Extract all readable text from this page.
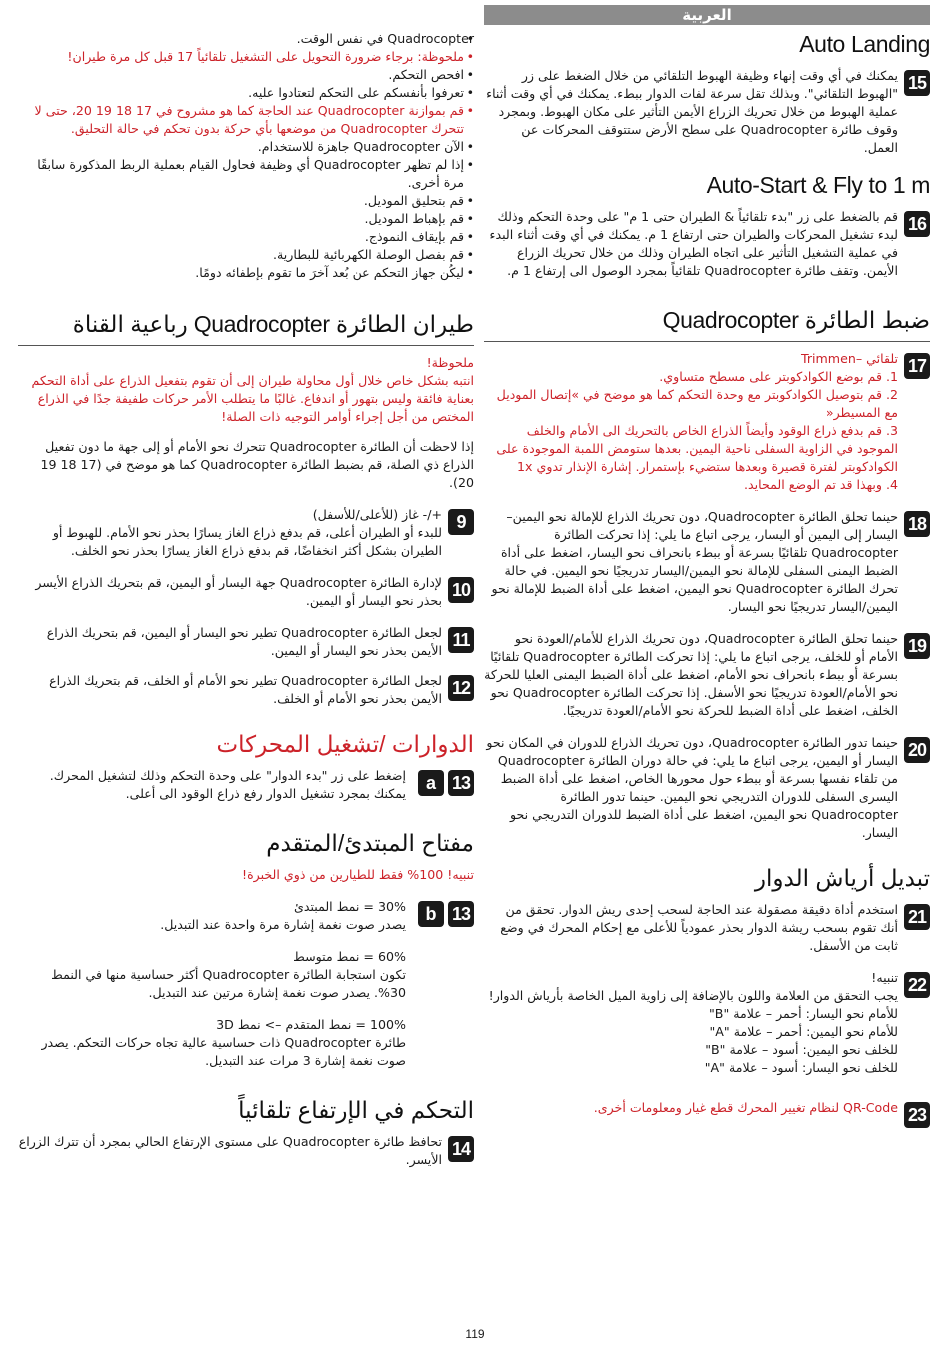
العربية
Auto Landing
15

يمكنك في أي وقت إنهاء وظيفة الهبوط التلقائي من خلال الضغط على زر "الهبوط التلقائي". وبذلك تقل سرعة لفات الدوار ببطء. يمكنك في أي وقت أثناء عملية الهبوط من خلال تحريك الزراع الأيمن التأثير على مكان الهبوط. وبمجرد وقوف طائرة Quadrocopter على سطح الأرض ستتوقف المحركات عن العمل.

Auto-Start & Fly to 1 m
16

قم بالضغط على زر "بدء تلقائياً & الطيران حتى 1 م" على وحدة التحكم وذلك لبدء تشغيل المحركات والطيران حتى ارتفاع 1 م. يمكنك في أي وقت أثناء البدء في عملية التشغيل التأثير على اتجاه الطيران وذلك من خلال تحريك الزراع الأيمن. وتقف طائرة Quadrocopter تلقائياً بمجرد الوصول الى إرتفاع 1 م.

ضبط الطائرة Quadrocopter
17

تلقائي –Trimmen

1. قم بوضع الكوادكوبتر على مسطح متساوي.
2. قم بتوصيل الكوادكوبتر مع وحدة التحكم كما هو موضح في »إتصال الموديل مع المسيطر«
3. قم بدفع ذراع الوقود وأيضاً الذراع الخاص بالتحريك الى الأمام والخلف الموجود في الزاوية السفلى ناحية اليمين. بعدها ستومض اللمبة الموجودة على الكوادكوبتر لفترة قصيرة وبعدها ستضيء بإستمرار. إشارة الإنذار تدوي 1x
4. وبهذا قد تم الوضع المحايد.
18

حينما تحلق الطائرة Quadrocopter، دون تحريك الذراع للإمالة نحو اليمين–اليسار إلى اليمين أو اليسار، يرجى اتباع ما يلي: إذا تحركت الطائرة Quadrocopter تلقائيًا بسرعة أو ببطء بانحراف نحو اليسار، اضغط على أداة الضبط اليمنى السفلى للإمالة نحو اليمين/اليسار تدريجيًا نحو اليمين. في حالة تحرك الطائرة Quadrocopter نحو اليمين، اضغط على أداة الضبط للإمالة نحو اليمين/اليسار تدريجيًا نحو اليسار.

19

حينما تحلق الطائرة Quadrocopter، دون تحريك الذراع للأمام/العودة نحو الأمام أو للخلف، يرجى اتباع ما يلي: إذا تحركت الطائرة Quadrocopter تلقائيًا بسرعة أو ببطء بانحراف نحو الأمام، اضغط على أداة الضبط اليمنى العليا للحركة نحو الأمام/العودة تدريجيًا نحو الأسفل. إذا تحركت الطائرة Quadrocopter نحو الخلف، اضغط على أداة الضبط للحركة نحو الأمام/العودة تدريجيًا.

20

حينما تدور الطائرة Quadrocopter، دون تحريك الذراع للدوران في المكان نحو اليسار أو اليمين، يرجى اتباع ما يلي: في حالة دوران الطائرة Quadrocopter من تلقاء نفسها بسرعة أو ببطء حول محورها الخاص، اضغط على أداة الضبط اليسرى السفلى للدوران التدريجي نحو اليمين. حينما تدور الطائرة Quadrocopter نحو اليمين، اضغط على أداة الضبط للدوران التدريجي نحو اليسار.

تبديل أرياش الدوار
21

استخدم أداة دقيقة مصقولة عند الحاجة لسحب إحدى ريش الدوار. تحقق من أنك تقوم بسحب ريشة الدوار بحذر عمودياً للأعلى مع إحكام المحرك في وضع ثابت من الأسفل.

22

تنبيه!

يجب التحقق من العلامة واللون بالإضافة إلى زاوية الميل الخاصة بأرياش الدوار!

للأمام نحو اليسار: أحمر – علامة "B"

للأمام نحو اليمين: أحمر – علامة "A"

للخلف نحو اليمين: أسود – علامة "B"

للخلف نحو اليسار: أسود – علامة "A"

23

QR-Code لنظام تغيير المحرك قطع غيار ومعلومات أخرى.

• Quadrocopter في نفس الوقت.
• ملحوظة: برجاء ضرورة التحويل على التشغيل تلقائياً 17 قبل كل مرة طيران!
• افحص التحكم.
• تعرفوا بأنفسكم على التحكم لتعتادوا عليه.
• قم بموازنة Quadrocopter عند الحاجة كما هو مشروح في 17 18 19 20، حتى لا تتحرك Quadrocopter من موضعها بأي حركة بدون تحكم في حالة التحليق.
• الآن Quadrocopter جاهزة للاستخدام.
• إذا لم تظهر Quadrocopter أي وظيفة فحاول القيام بعملية الربط المذكورة سابقًا مرة أخرى.
• قم بتحليق الموديل.
• قم بإهباط الموديل.
• قم بإيقاف النموذج.
• قم بفصل الوصلة الكهربائية للبطارية.
• ليكُن جهاز التحكم عن بُعد آخرَ ما تقوم بإطفائه دومًا.
طيران الطائرة Quadrocopter رباعية القناة

ملحوظة!

انتبه بشكل خاص خلال أول محاولة طيران إلى أن تقوم بتفعيل الذراع على أداة التحكم بعناية فائقة وليس بتهور أو اندفاع. غالبًا ما يتطلب الأمر حركات طفيفة جدًا في الذراع المختص من أجل إجراء أوامر التوجيه ذات الصلة!

إذا لاحظت أن الطائرة Quadrocopter تتحرك نحو الأمام أو إلى جهة ما دون تفعيل الذراع ذي الصلة، قم بضبط الطائرة Quadrocopter كما هو موضح في (17 18 19 20).

9

+/- غاز (للأعلى/للأسفل)

للبدء أو الطيران أعلى، قم بدفع ذراع الغاز يسارًا بحذر نحو الأمام. للهبوط أو الطيران بشكل أكثر انخفاضًا، قم بدفع ذراع الغاز يسارًا بحذر نحو الخلف.

10

لإدارة الطائرة Quadrocopter جهة اليسار أو اليمين، قم بتحريك الذراع الأيسر بحذر نحو اليسار أو اليمين.

11

لجعل الطائرة Quadrocopter تطير نحو اليسار أو اليمين، قم بتحريك الذراع الأيمن بحذر نحو اليسار أو اليمين.

12

لجعل الطائرة Quadrocopter تطير نحو الأمام أو الخلف، قم بتحريك الذراع الأيمن بحذر نحو الأمام أو الخلف.

الدوارات /تشغيل المحركات
13
a

إضغط على زر "بدء الدوار" على وحدة التحكم وذلك لتشغيل المحرك. يمكنك بمجرد تشغيل الدوار رفع ذراع الوقود الى أعلى.

مفتاح المبتدئ/المتقدم

تنبيه! 100% فقط للطيارين من ذوي الخبرة!

13
b

30% = نمط المبتدئ

يصدر صوت نغمة إشارة مرة واحدة عند التبديل.

60% = نمط متوسط

تكون استجابة الطائرة Quadrocopter أكثر حساسية منها في النمط 30%. يصدر صوت نغمة إشارة مرتين عند التبديل.

100% = نمط المتقدم –> نمط 3D

طائرة Quadrocopter ذات حساسية عالية تجاه حركات التحكم. يصدر صوت نغمة إشارة 3 مرات عند التبديل.

التحكم في الإرتفاع تلقائياً
14

تحافظ طائرة Quadrocopter على مستوى الإرتفاع الحالي بمجرد أن تترك الزراع الأيسر.

119
